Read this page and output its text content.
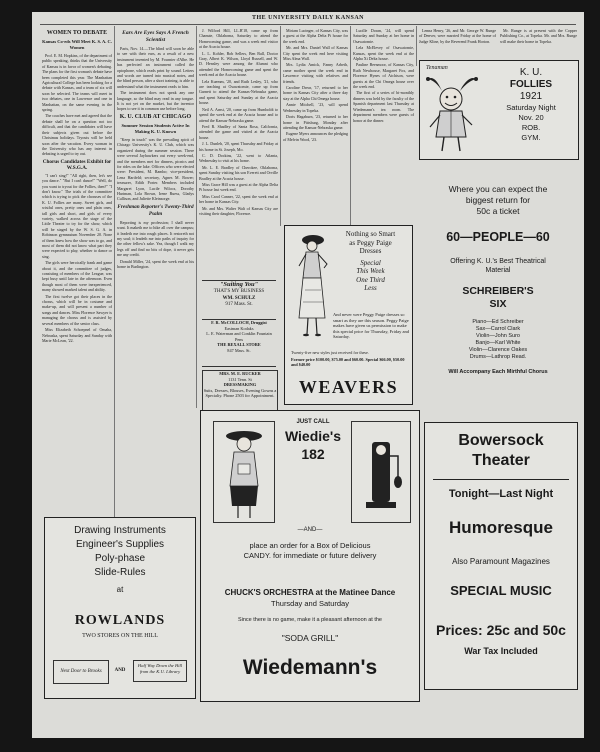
THE UNIVERSITY DAILY KANSAN
WOMEN TO DEBATE
Kansas Co-eds Will Meet K. S. A. C. Women

Prof. E. M. Hopkins, of the department of public speaking, thinks that the University of Kansas is in favor of women's debating. The plans for the first woman's debate have been completed this year. The Manhattan Agricultural College has been looking for a debate with Kansas, and a team of six will soon be selected. The teams will meet in two debates, one in Lawrence and one in Manhattan, on the same evening in the spring.

The coaches have met and agreed that the debate shall be on a question not too difficult, and that the candidates will have their subjects given out before the Christmas holidays. Tryouts will be held soon after the vacation. Every woman in the University who has any interest in debating is urged to try out.

Chorus Candidates Exhibit for W.S.G.A.

"I can't sing!" "All right, then, let's see you dance." "But I can't dance!" "Well, do you want to tryout for the Follies, then?" "I don't know." The trials of the committee which is trying to pick the choruses of the K. U. Follies are many. Sweet girls, and wistful ones, pretty ones and plain ones, tall girls and short, and girls of every variety, walked across the stage of the Little Theater to try for the show, which will be staged by the W. S. G. A. in Robinson gymnasium November 20. None of them knew how the show was to go, and most of them did not know what part they were expected to play, whether to dance or sing.

The girls were heroically frank and game about it, and the committee of judges, consisting of members of the League, was kept busy until late in the afternoon. Even though most of them were inexperienced, many showed marked talent and ability.

The first twelve got their places in the chorus, which will be in costume and make-up, and will present a number of songs and dances. Miss Florence Sawyer is managing the chorus and is assisted by several members of the senior class.

Miss Elizabeth Schoepnel of Omaha, Nebraska, spent Saturday and Sunday with Marie McLean, '22.

Ears Are Eyes Says A French Scientist

Paris, Nov. 14.—The blind will soon be able to see with their ears, as a result of a new instrument invented by M. Fournier d'Albe. He has perfected an instrument called the optophone, which reads print by sound. Letters and words are turned into musical notes, and the blind person, after a short training, is able to understand what the instrument reads to him.

The instrument does not speak any one language, so the blind may read in any tongue. It is not yet on the market, but the inventor hopes to see it in common use before long.

K. U. CLUB AT CHICAGO
Summer Session Students Active In Making K. U. Known

"Keep in touch" was the prevailing spirit of Chicago University's K. U. Club, which was organized during the summer session. There were several Jayhawkers out every week-end, and the members met for dinners, picnics and for rides on the lake. Officers who were elected were: President, M. Rambo; vice-president, Lena Hartfeld; secretary, Agnes M. Bower; treasurer, Edith Porter. Members included Margaret Lyon, Lucile Wilcox, Dorothy Hartman, Lola Brown, Irene Ruess, Gladys Cullison, and Juliette Kleinsorge.

Freshman Reporter's Twenty-Third Psalm

Reporting is my profession; I shall never want. It maketh me to hike all over the campus; it leadeth me into rough places. It restoreth not my soul; it leadeth me into paths of inquiry for the other fellow's sake. Yea, though I walk my legs off and find no bits of dope, it never gets me any credit.

Donald Miller, '24, spent the week end at his home in Burlington.

J. Wilford Hill, LL.B'18, came up from Chanute, Oklahoma, Saturday to attend the Homecoming game, and was a week end visitor at the Acacia house.

L. L. Kohler, Bob Sellers, Ben Ball, Doctor Gray, Albert K. Wilson, Lloyd Russell, and W. D. Hensley were among the Alumni who attended the Homecoming game and spent the week end at the Acacia house.

Lela Kuemm, '20, and Ruth Lesley, '21, who are teaching at Osawatomie, came up from Garnett to attend the Kansas-Nebraska game, and spent Saturday and Sunday at the Acacia house.

Neil A. Arnst, '20, came up from Humboldt to spend the week end at the Acacia house and to attend the Kansas-Nebraska game.

Fred R. Shadley of Santa Rosa, California, attended the game and visited at the Acacia house.

J. L. Dunleh, '20, spent Thursday and Friday at his home in St. Joseph, Mo.

C. D. Dockins, '22, went to Atlanta, Wednesday to visit at his home.

Mr. L. E. Bradley of Cherokee, Oklahoma, spent Sunday visiting his son Everett and Orville Bradley at the Acacia house.

Miss Grace Hill was a guest at the Alpha Delta Pi house last week end.

Miss Carol Canner, '22, spent the week end at her home in Kansas City.

Mr. and Mrs. Walter Walt of Kansas City are visiting their daughter, Florence.

"Suiting You"
THAT'S MY BUSINESS
WM. SCHULZ
917 Mass. St.
F. R. McCOLLOCH, Druggist
Eastman Kodaks
L. E. Waterman and Conklin Fountain Pens
THE REXALL STORE
847 Mass. St.
MRS. M. E. RUCKER
1131 Tenn. St
DRESSMAKING
Suits, Dresses, Blouses, Evening Gowns a Specialty. Phone 2503 for Appointment.

Miriam Lucinger, of Kansas City, was a guest at the Alpha Delta Pi house for the week end.

Mr. and Mrs. Daniel Wall of Kansas City spent the week end here visiting Miss Alma Wall.

Mrs. Lydia Amick, Fanny Arbeth, came mother spent the week end in Lawrence visiting with relatives and friends.

Caroline Drear, '17, returned to her home in Kansas City after a three day stay at the Alpha Chi Omega house.

Annie Mitchell, '23, will spend Wednesday in Topeka.

Doris Hagaburn, '23, returned to her home in Pittsburg, Monday after attending the Kansas-Nebraska game.

Eugene Myers announces the pledging of Melvin Wood, '23.

Lucille Doran, '24, will spend Saturday and Sunday at her home in Osawatomie.

Lela McElevey of Osawatomie, Kansas, spent the week end at the Alpha Xi Delta house.

Pauline Beesmoor, of Kansas City, Ruth Newhouse, Margaret Fox, and Florence Hynes of Atchison, were guests at the Chi Omega house over the week end.

The first of a series of bi-monthly dinners was held by the faculty of the Spanish department last Thursday at Wiedemann's tea room. The department members were guests of honor at the dinner.

Lenna Henry, '26, and Mr. George W. Runge of Denver, were married Friday at the home of Judge Kline, by the Reverend Frank Horton.

Mr. Runge is at present with the Copper Publishing Co., at Topeka. Mr. and Mrs. Runge will make their home in Topeka.

Nothing so Smart
as Peggy Paige
Dresses
Special
This Week
One Third
Less
And never were Peggy Paige dresses so smart as they are this season. Peggy Paige makes have given us permission to make this special price for Thursday, Friday and Saturday.
Twenty-five new styles just received for these.
Former price $100.00, $75.00 and $60.00. Special $66.00, $50.00 and $40.00
WEAVERS
Tenaman	K. U.
FOLLIES
1921
Saturday Night
Nov. 20
ROB.
GYM.
Where you can expect the
biggest return for
50c a ticket
60—PEOPLE—60
Offering K. U.'s Best Theatrical
Material
SCHREIBER'S
SIX
Piano—Ed Schreiber
Sax—Carrol Clark
Violin—John Suro
Banjo—Karl White
Violin—Clarence Oakes
Drums—Lathrop Read.
Will Accompany Each Mirthful Chorus
Drawing Instruments
Engineer's Supplies
Poly-phase
Slide-Rules
at
ROWLANDS
TWO STORES ON THE HILL
Next Door to Brooks	AND
Half Way Down the Hill from the K.U. Library
JUST CALL
Wiedie's
182
—AND—
place an order for a Box of Delicious CANDY. for immediate or future delivery
CHUCK'S ORCHESTRA at the Matinee Dance
Thursday and Saturday
Since there is no game, make it a pleasant afternoon at the
"SODA GRILL"
Wiedemann's
Bowersock
Theater
Tonight—Last Night
Humoresque
Also Paramount Magazines
SPECIAL MUSIC
Prices: 25c and 50c
War Tax Included
